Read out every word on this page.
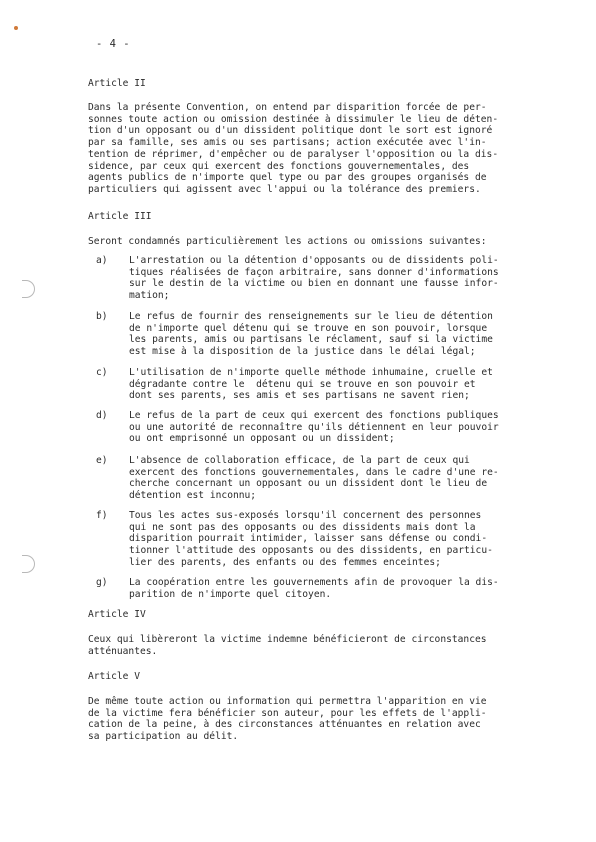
- 4 -
Article II
Dans la présente Convention, on entend par disparition forcée de per-
sonnes toute action ou omission destinée à dissimuler le lieu de déten-
tion d'un opposant ou d'un dissident politique dont le sort est ignoré
par sa famille, ses amis ou ses partisans; action exécutée avec l'in-
tention de réprimer, d'empêcher ou de paralyser l'opposition ou la dis-
sidence, par ceux qui exercent des fonctions gouvernementales, des
agents publics de n'importe quel type ou par des groupes organisés de
particuliers qui agissent avec l'appui ou la tolérance des premiers.
Article III
Seront condamnés particulièrement les actions ou omissions suivantes:
a) L'arrestation ou la détention d'opposants ou de dissidents poli-
tiques réalisées de façon arbitraire, sans donner d'informations
sur le destin de la victime ou bien en donnant une fausse infor-
mation;
b) Le refus de fournir des renseignements sur le lieu de détention
de n'importe quel détenu qui se trouve en son pouvoir, lorsque
les parents, amis ou partisans le réclament, sauf si la victime
est mise à la disposition de la justice dans le délai légal;
c) L'utilisation de n'importe quelle méthode inhumaine, cruelle et
dégradante contre le  détenu qui se trouve en son pouvoir et
dont ses parents, ses amis et ses partisans ne savent rien;
d) Le refus de la part de ceux qui exercent des fonctions publiques
ou une autorité de reconnaître qu'ils détiennent en leur pouvoir
ou ont emprisonné un opposant ou un dissident;
e) L'absence de collaboration efficace, de la part de ceux qui
exercent des fonctions gouvernementales, dans le cadre d'une re-
cherche concernant un opposant ou un dissident dont le lieu de
détention est inconnu;
f) Tous les actes sus-exposés lorsqu'il concernent des personnes
qui ne sont pas des opposants ou des dissidents mais dont la
disparition pourrait intimider, laisser sans défense ou condi-
tionner l'attitude des opposants ou des dissidents, en particu-
lier des parents, des enfants ou des femmes enceintes;
g) La coopération entre les gouvernements afin de provoquer la dis-
parition de n'importe quel citoyen.
Article IV
Ceux qui libèreront la victime indemne bénéficieront de circonstances
atténuantes.
Article V
De même toute action ou information qui permettra l'apparition en vie
de la victime fera bénéficier son auteur, pour les effets de l'appli-
cation de la peine, à des circonstances atténuantes en relation avec
sa participation au délit.
